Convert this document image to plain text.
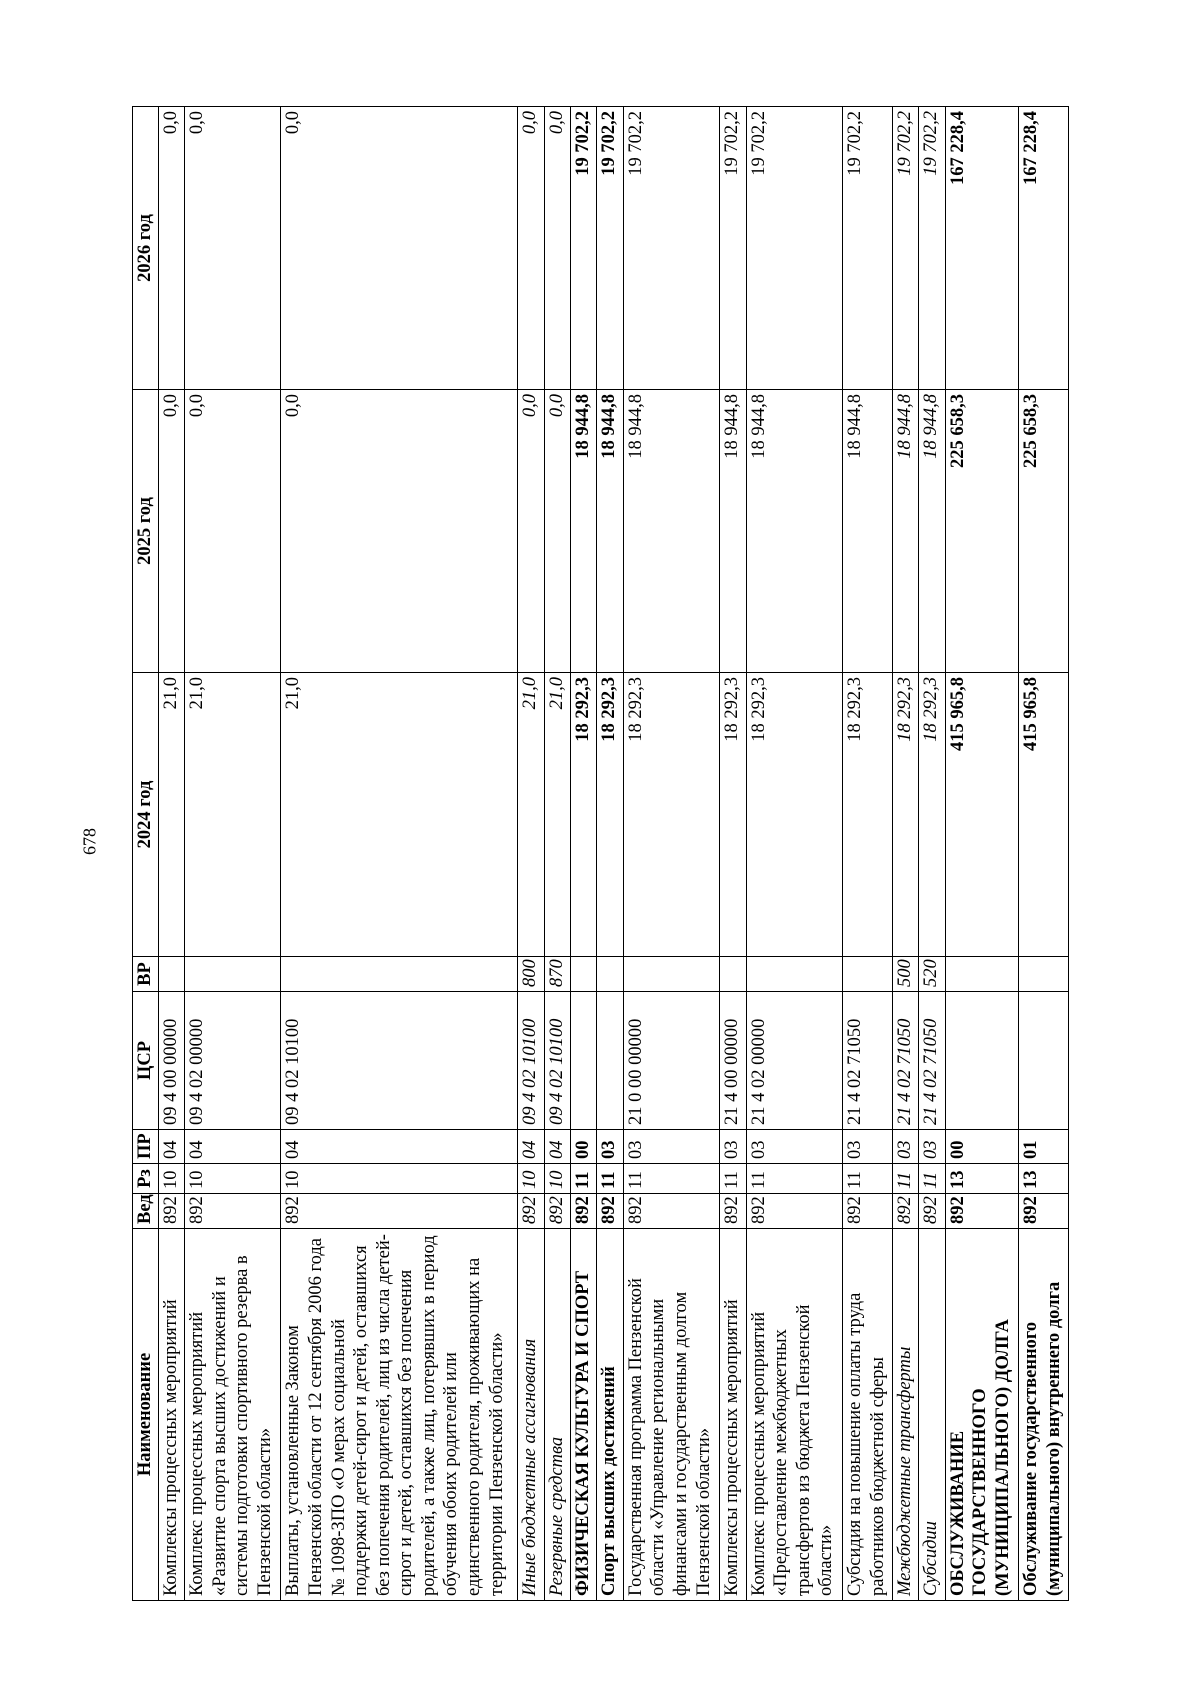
678
Наименование	Вед	Рз	ПР	ЦСР	ВР	2024 год	2025 год	2026 год
Комплексы процессных мероприятий	892	10	04	09 4 00 00000		21,0	0,0	0,0
Комплекс процессных мероприятий «Развитие спорта высших достижений и системы подготовки спортивного резерва в Пензенской области»	892	10	04	09 4 02 00000		21,0	0,0	0,0
Выплаты, установленные Законом Пензенской области от 12 сентября 2006 года № 1098-ЗПО «О мерах социальной поддержки детей-сирот и детей, оставшихся без попечения родителей, лиц из числа детей-сирот и детей, оставшихся без попечения родителей, а также лиц, потерявших в период обучения обоих родителей или единственного родителя, проживающих на территории Пензенской области»	892	10	04	09 4 02 10100		21,0	0,0	0,0
Иные бюджетные ассигнования	892	10	04	09 4 02 10100	800	21,0	0,0	0,0
Резервные средства	892	10	04	09 4 02 10100	870	21,0	0,0	0,0
ФИЗИЧЕСКАЯ КУЛЬТУРА И СПОРТ	892	11	00			18 292,3	18 944,8	19 702,2
Спорт высших достижений	892	11	03			18 292,3	18 944,8	19 702,2
Государственная программа Пензенской области «Управление региональными финансами и государственным долгом Пензенской области»	892	11	03	21 0 00 00000		18 292,3	18 944,8	19 702,2
Комплексы процессных мероприятий	892	11	03	21 4 00 00000		18 292,3	18 944,8	19 702,2
Комплекс процессных мероприятий «Предоставление межбюджетных трансфертов из бюджета Пензенской области»	892	11	03	21 4 02 00000		18 292,3	18 944,8	19 702,2
Субсидия на повышение оплаты труда работников бюджетной сферы	892	11	03	21 4 02 71050		18 292,3	18 944,8	19 702,2
Межбюджетные трансферты	892	11	03	21 4 02 71050	500	18 292,3	18 944,8	19 702,2
Субсидии	892	11	03	21 4 02 71050	520	18 292,3	18 944,8	19 702,2
ОБСЛУЖИВАНИЕ ГОСУДАРСТВЕННОГО (МУНИЦИПАЛЬНОГО) ДОЛГА	892	13	00			415 965,8	225 658,3	167 228,4
Обслуживание государственного (муниципального) внутреннего долга	892	13	01			415 965,8	225 658,3	167 228,4
